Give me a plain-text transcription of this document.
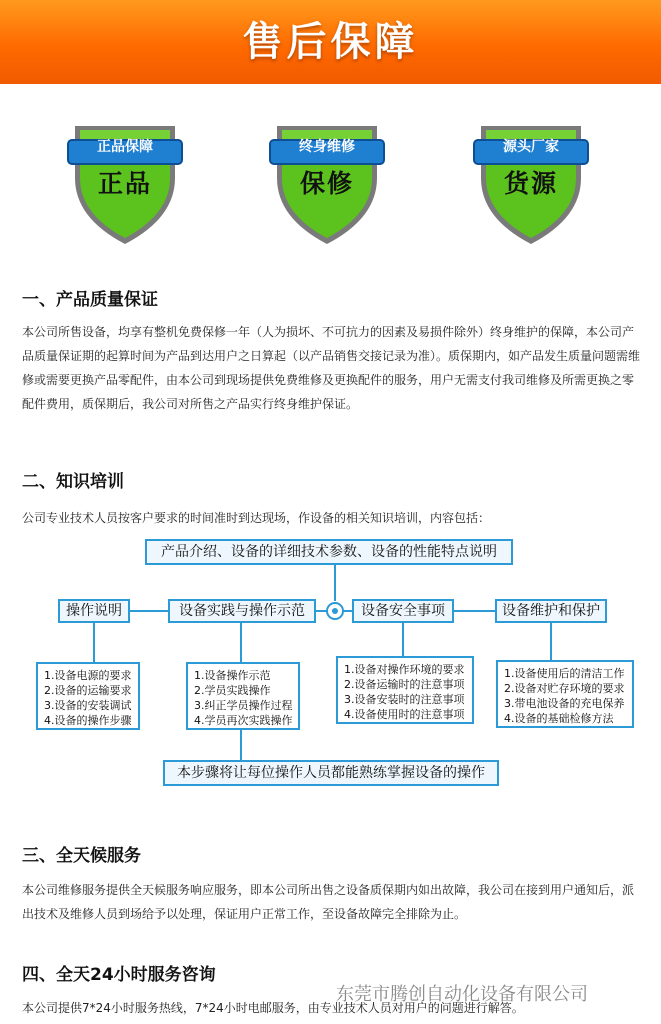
售后保障
正品保障
正品
终身维修
保修
源头厂家
货源
一、产品质量保证

本公司所售设备，均享有整机免费保修一年（人为损坏、不可抗力的因素及易损件除外）终身维护的保障，本公司产品质量保证期的起算时间为产品到达用户之日算起（以产品销售交接记录为准）。质保期内，如产品发生质量问题需维修或需要更换产品零配件，由本公司到现场提供免费维修及更换配件的服务，用户无需支付我司维修及所需更换之零配件费用，质保期后，我公司对所售之产品实行终身维护保证。

二、知识培训

公司专业技术人员按客户要求的时间准时到达现场，作设备的相关知识培训，内容包括：

产品介绍、设备的详细技术参数、设备的性能特点说明
操作说明	设备实践与操作示范	设备安全事项	设备维护和保护
1.设备电源的要求
2.设备的运输要求
3.设备的安装调试
4.设备的操作步骤
1.设备操作示范
2.学员实践操作
3.纠正学员操作过程
4.学员再次实践操作
1.设备对操作环境的要求
2.设备运输时的注意事项
3.设备安装时的注意事项
4.设备使用时的注意事项
1.设备使用后的清洁工作
2.设备对贮存环境的要求
3.带电池设备的充电保养
4.设备的基础检修方法
本步骤将让每位操作人员都能熟练掌握设备的操作
三、全天候服务

本公司维修服务提供全天候服务响应服务，即本公司所出售之设备质保期内如出故障，我公司在接到用户通知后，派出技术及维修人员到场给予以处理，保证用户正常工作，至设备故障完全排除为止。

四、全天24小时服务咨询

本公司提供7*24小时服务热线，7*24小时电邮服务，由专业技术人员对用户的问题进行解答。

东莞市腾创自动化设备有限公司
